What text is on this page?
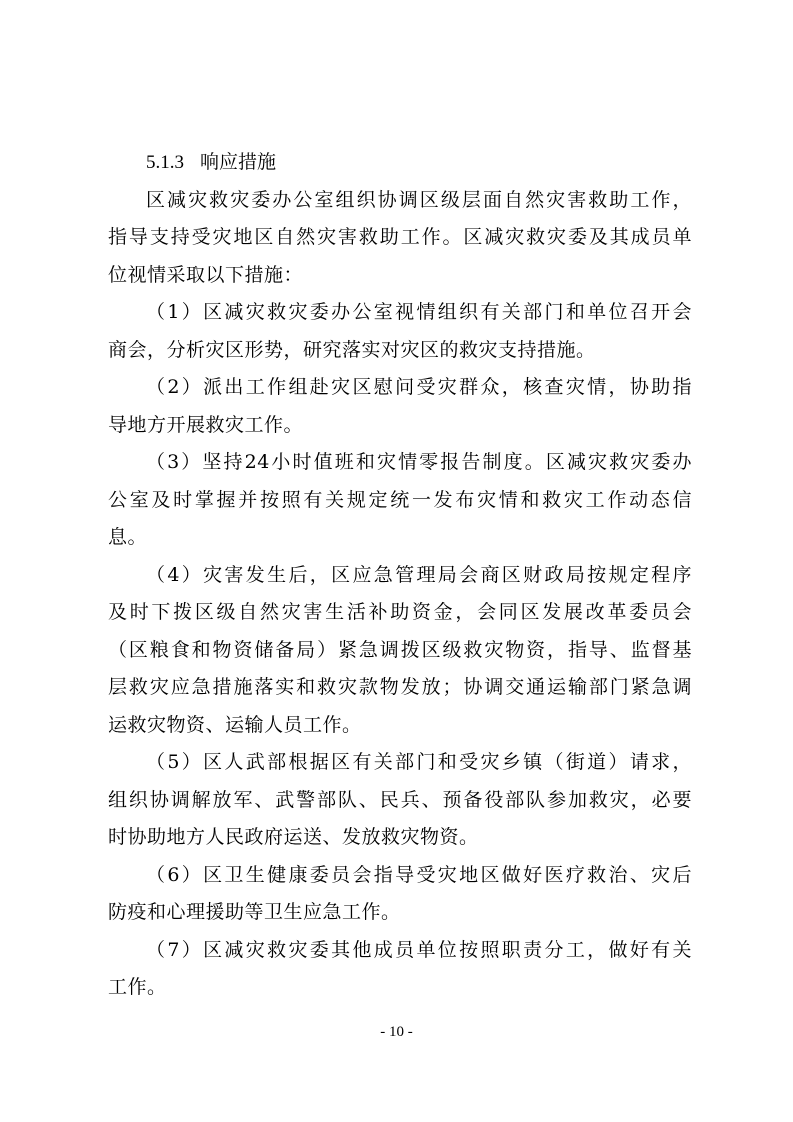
5.1.3 响应措施
区减灾救灾委办公室组织协调区级层面自然灾害救助工作，
指导支持受灾地区自然灾害救助工作。区减灾救灾委及其成员单
位视情采取以下措施：
（1）区减灾救灾委办公室视情组织有关部门和单位召开会
商会，分析灾区形势，研究落实对灾区的救灾支持措施。
（2）派出工作组赴灾区慰问受灾群众，核查灾情，协助指
导地方开展救灾工作。
（3）坚持24小时值班和灾情零报告制度。区减灾救灾委办
公室及时掌握并按照有关规定统一发布灾情和救灾工作动态信
息。
（4）灾害发生后，区应急管理局会商区财政局按规定程序
及时下拨区级自然灾害生活补助资金，会同区发展改革委员会
（区粮食和物资储备局）紧急调拨区级救灾物资，指导、监督基
层救灾应急措施落实和救灾款物发放；协调交通运输部门紧急调
运救灾物资、运输人员工作。
（5）区人武部根据区有关部门和受灾乡镇（街道）请求，
组织协调解放军、武警部队、民兵、预备役部队参加救灾，必要
时协助地方人民政府运送、发放救灾物资。
（6）区卫生健康委员会指导受灾地区做好医疗救治、灾后
防疫和心理援助等卫生应急工作。
（7）区减灾救灾委其他成员单位按照职责分工，做好有关
工作。
- 10 -
